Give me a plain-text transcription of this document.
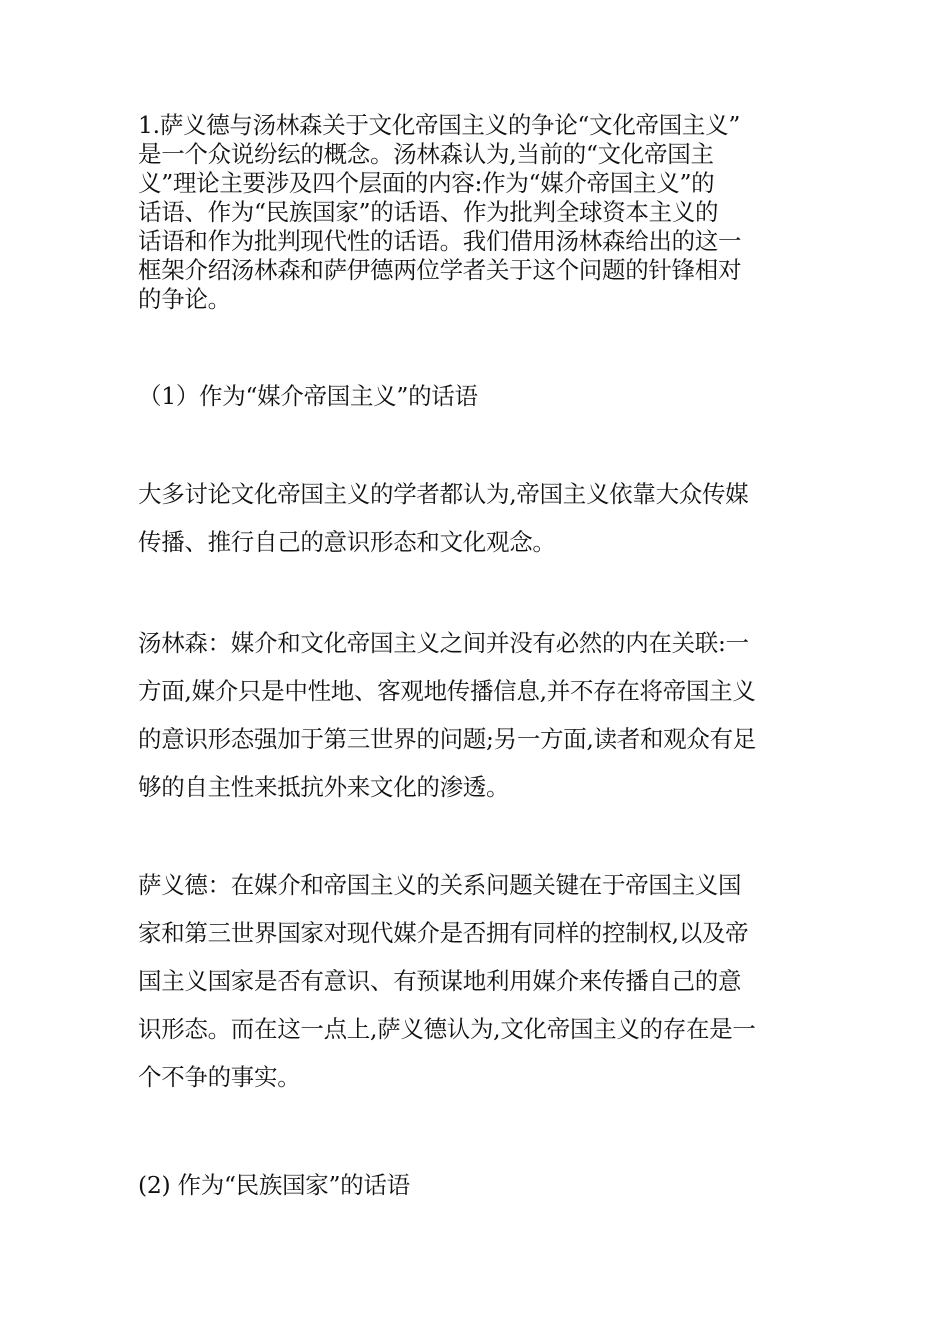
1.萨义德与汤林森关于文化帝国主义的争论“文化帝国主义”
是一个众说纷纭的概念。汤林森认为,当前的“文化帝国主
义”理论主要涉及四个层面的内容:作为“媒介帝国主义”的
话语、作为“民族国家”的话语、作为批判全球资本主义的
话语和作为批判现代性的话语。我们借用汤林森给出的这一
框架介绍汤林森和萨伊德两位学者关于这个问题的针锋相对
的争论。

（1）作为“媒介帝国主义”的话语

大多讨论文化帝国主义的学者都认为,帝国主义依靠大众传媒
传播、推行自己的意识形态和文化观念。

汤林森：媒介和文化帝国主义之间并没有必然的内在关联:一
方面,媒介只是中性地、客观地传播信息,并不存在将帝国主义
的意识形态强加于第三世界的问题;另一方面,读者和观众有足
够的自主性来抵抗外来文化的渗透。

萨义德：在媒介和帝国主义的关系问题关键在于帝国主义国
家和第三世界国家对现代媒介是否拥有同样的控制权,以及帝
国主义国家是否有意识、有预谋地利用媒介来传播自己的意
识形态。而在这一点上,萨义德认为,文化帝国主义的存在是一
个不争的事实。

(2) 作为“民族国家”的话语
